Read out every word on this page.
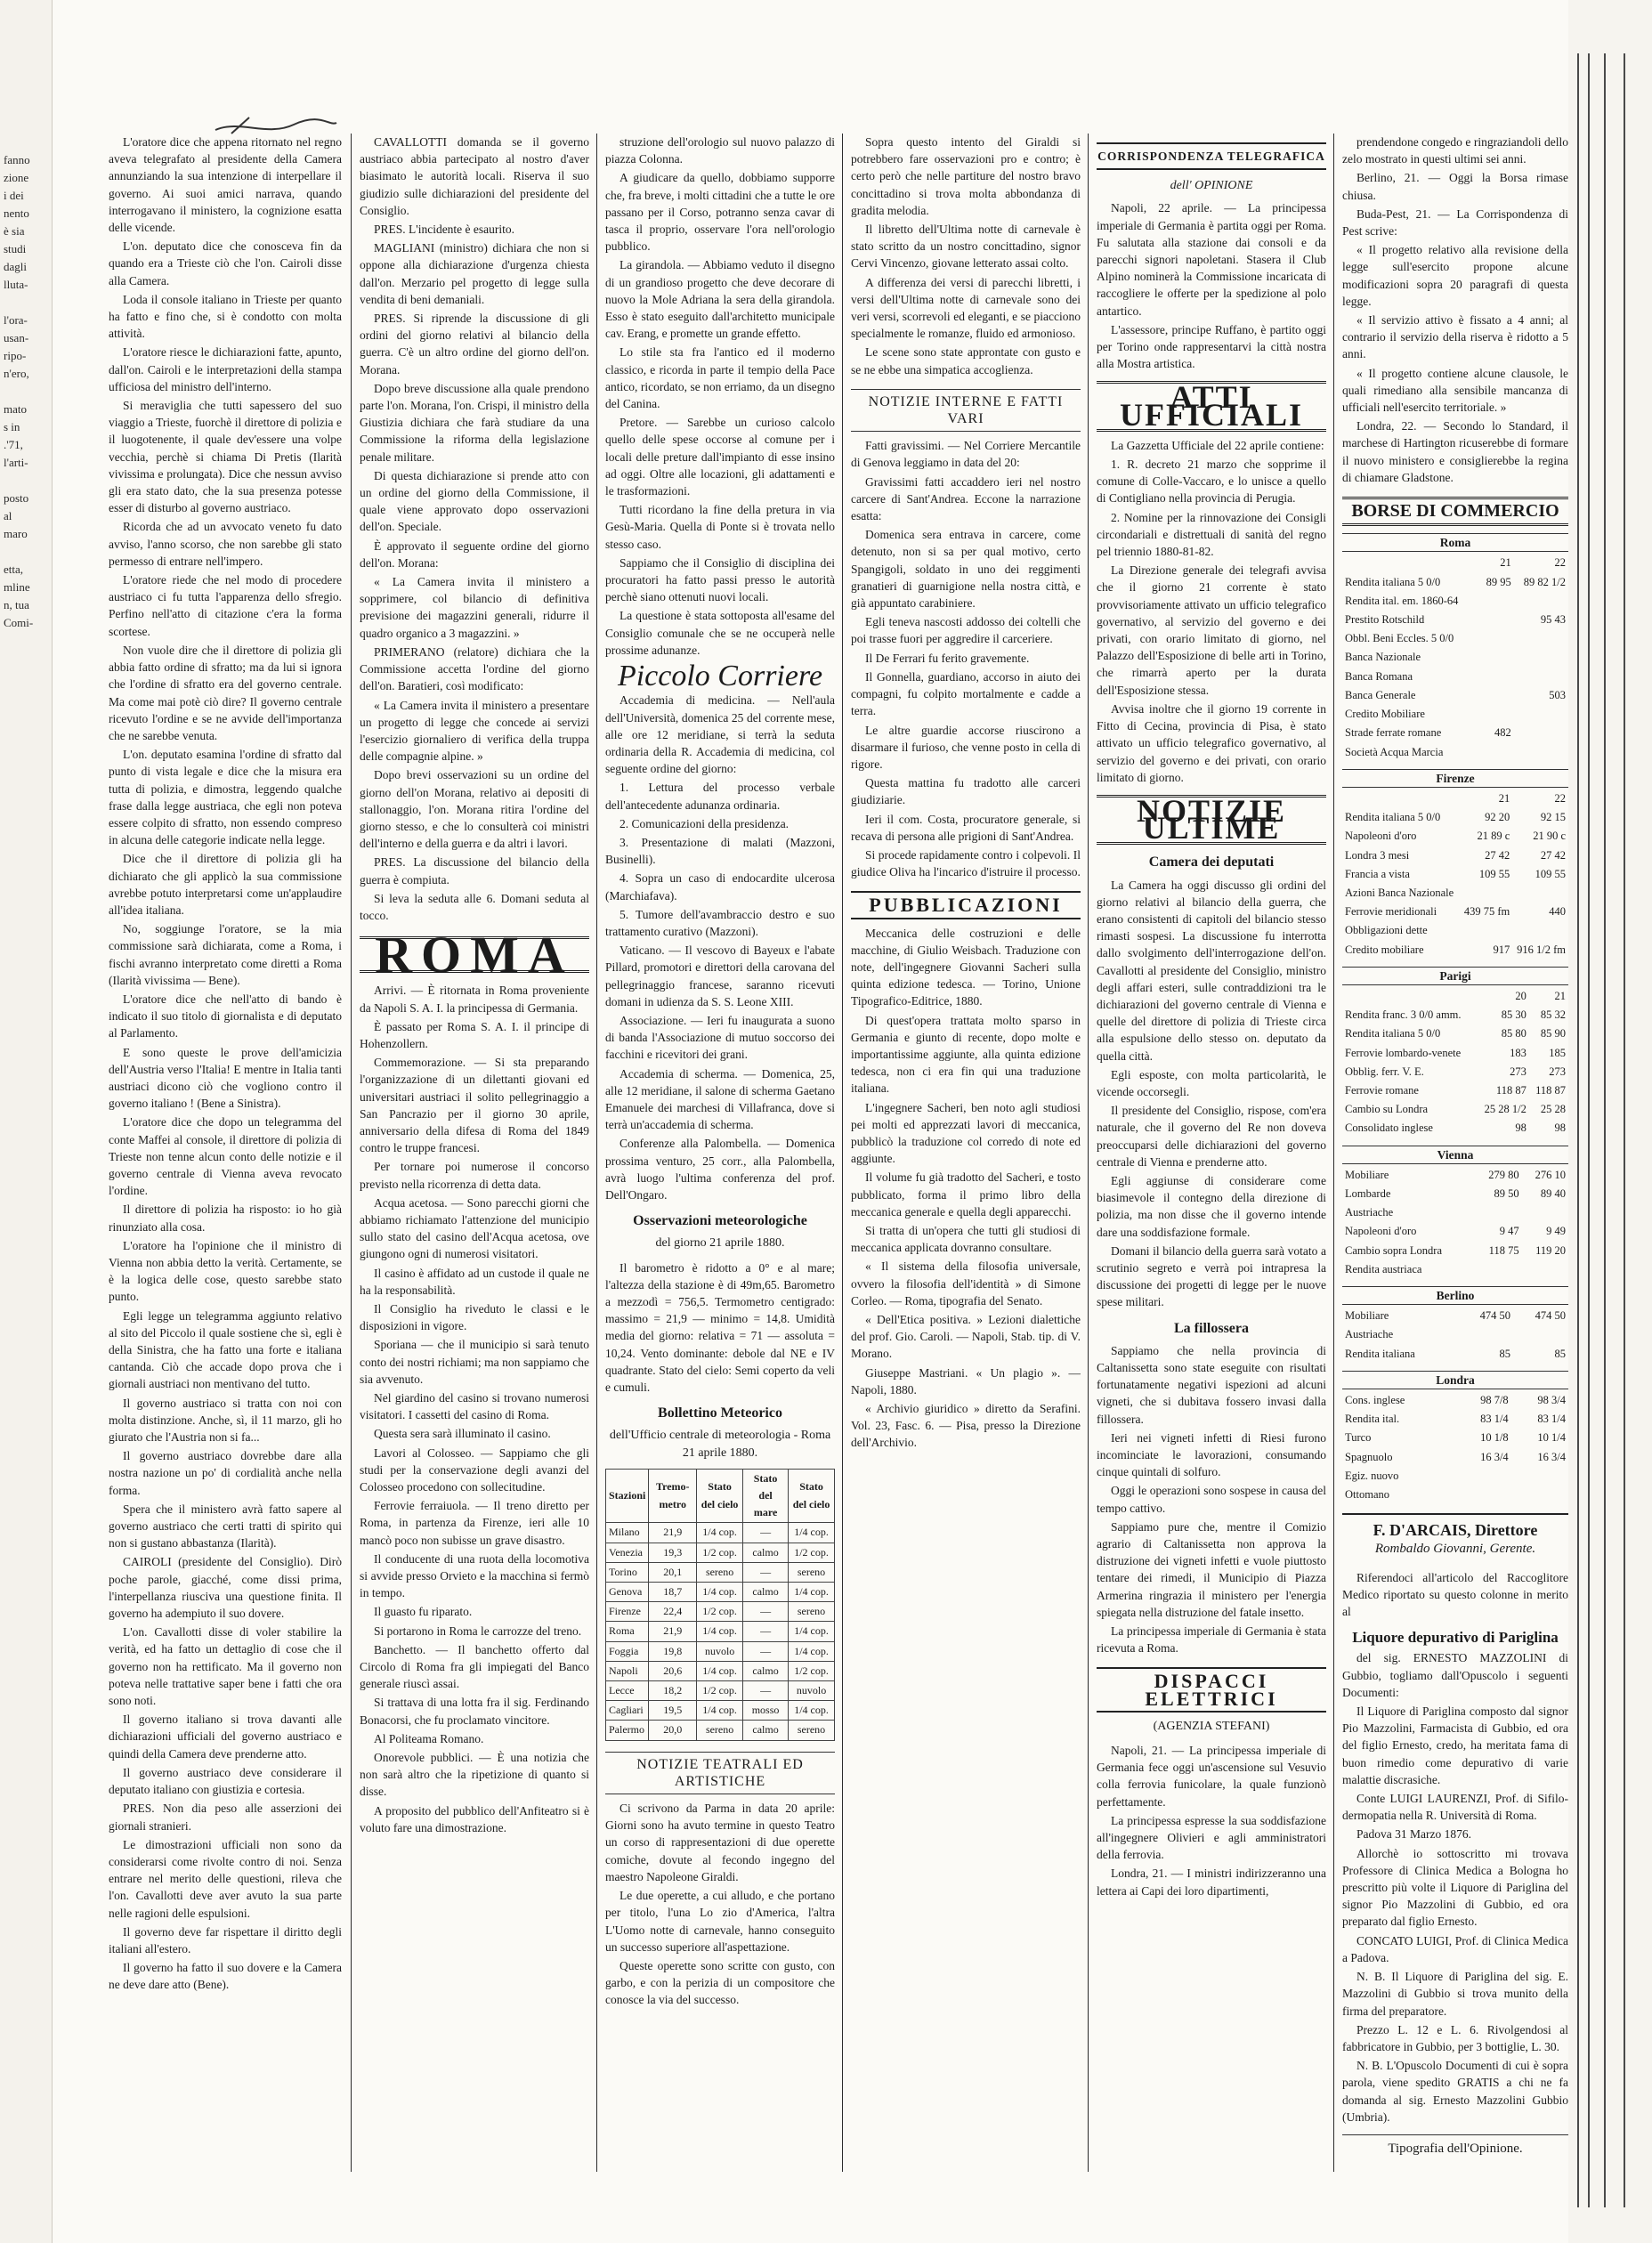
fanno
zione
i dei
nento
è sia
studi
dagli
lluta-

l'ora-
usan-
ripo-
n'ero,

mato
s in
.'71,
l'arti-

posto
al
maro

etta,
mline
n, tua
Comi-

L'oratore dice che appena ritornato nel regno aveva telegrafato al presidente della Camera annunziando la sua intenzione di interpellare il governo. Ai suoi amici narrava, quando interrogavano il ministero, la cognizione esatta delle vicende.

L'on. deputato dice che conosceva fin da quando era a Trieste ciò che l'on. Cairoli disse alla Camera.

Loda il console italiano in Trieste per quanto ha fatto e fino che, si è condotto con molta attività.

L'oratore riesce le dichiarazioni fatte, apunto, dall'on. Cairoli e le interpretazioni della stampa ufficiosa del ministro dell'interno.

Si meraviglia che tutti sapessero del suo viaggio a Trieste, fuorchè il direttore di polizia e il luogotenente, il quale dev'essere una volpe vecchia, perchè si chiama Di Pretis (Ilarità vivissima e prolungata). Dice che nessun avviso gli era stato dato, che la sua presenza potesse esser di disturbo al governo austriaco.

Ricorda che ad un avvocato veneto fu dato avviso, l'anno scorso, che non sarebbe gli stato permesso di entrare nell'impero.

L'oratore riede che nel modo di procedere austriaco ci fu tutta l'apparenza dello sfregio. Perfino nell'atto di citazione c'era la forma scortese.

Non vuole dire che il direttore di polizia gli abbia fatto ordine di sfratto; ma da lui si ignora che l'ordine di sfratto era del governo centrale. Ma come mai potè ciò dire? Il governo centrale ricevuto l'ordine e se ne avvide dell'importanza che ne sarebbe venuta.

L'on. deputato esamina l'ordine di sfratto dal punto di vista legale e dice che la misura era tutta di polizia, e dimostra, leggendo qualche frase dalla legge austriaca, che egli non poteva essere colpito di sfratto, non essendo compreso in alcuna delle categorie indicate nella legge.

Dice che il direttore di polizia gli ha dichiarato che gli applicò la sua commissione avrebbe potuto interpretarsi come un'applaudire all'idea italiana.

No, soggiunge l'oratore, se la mia commissione sarà dichiarata, come a Roma, i fischi avranno interpretato come diretti a Roma (Ilarità vivissima — Bene).

L'oratore dice che nell'atto di bando è indicato il suo titolo di giornalista e di deputato al Parlamento.

E sono queste le prove dell'amicizia dell'Austria verso l'Italia! E mentre in Italia tanti austriaci dicono ciò che vogliono contro il governo italiano ! (Bene a Sinistra).

L'oratore dice che dopo un telegramma del conte Maffei al console, il direttore di polizia di Trieste non tenne alcun conto delle notizie e il governo centrale di Vienna aveva revocato l'ordine.

Il direttore di polizia ha risposto: io ho già rinunziato alla cosa.

L'oratore ha l'opinione che il ministro di Vienna non abbia detto la verità. Certamente, se è la logica delle cose, questo sarebbe stato punto.

Egli legge un telegramma aggiunto relativo al sito del Piccolo il quale sostiene che sì, egli è della Sinistra, che ha fatto una forte e italiana cantanda. Ciò che accade dopo prova che i giornali austriaci non mentivano del tutto.

Il governo austriaco si tratta con noi con molta distinzione. Anche, sì, il 11 marzo, gli ho giurato che l'Austria non si fa...

Il governo austriaco dovrebbe dare alla nostra nazione un po' di cordialità anche nella forma.

Spera che il ministero avrà fatto sapere al governo austriaco che certi tratti di spirito qui non si gustano abbastanza (Ilarità).

CAIROLI (presidente del Consiglio). Dirò poche parole, giacché, come dissi prima, l'interpellanza riusciva una questione finita. Il governo ha adempiuto il suo dovere.

L'on. Cavallotti disse di voler stabilire la verità, ed ha fatto un dettaglio di cose che il governo non ha rettificato. Ma il governo non poteva nelle trattative saper bene i fatti che ora sono noti.

Il governo italiano si trova davanti alle dichiarazioni ufficiali del governo austriaco e quindi della Camera deve prenderne atto.

Il governo austriaco deve considerare il deputato italiano con giustizia e cortesia.

PRES. Non dia peso alle asserzioni dei giornali stranieri.

Le dimostrazioni ufficiali non sono da considerarsi come rivolte contro di noi. Senza entrare nel merito delle questioni, rileva che l'on. Cavallotti deve aver avuto la sua parte nelle ragioni delle espulsioni.

Il governo deve far rispettare il diritto degli italiani all'estero.

Il governo ha fatto il suo dovere e la Camera ne deve dare atto (Bene).

CAVALLOTTI domanda se il governo austriaco abbia partecipato al nostro d'aver biasimato le autorità locali. Riserva il suo giudizio sulle dichiarazioni del presidente del Consiglio.

PRES. L'incidente è esaurito.

MAGLIANI (ministro) dichiara che non si oppone alla dichiarazione d'urgenza chiesta dall'on. Merzario pel progetto di legge sulla vendita di beni demaniali.

PRES. Si riprende la discussione di gli ordini del giorno relativi al bilancio della guerra. C'è un altro ordine del giorno dell'on. Morana.

Dopo breve discussione alla quale prendono parte l'on. Morana, l'on. Crispi, il ministro della Giustizia dichiara che farà studiare da una Commissione la riforma della legislazione penale militare.

Di questa dichiarazione si prende atto con un ordine del giorno della Commissione, il quale viene approvato dopo osservazioni dell'on. Speciale.

È approvato il seguente ordine del giorno dell'on. Morana:

« La Camera invita il ministero a sopprimere, col bilancio di definitiva previsione dei magazzini generali, ridurre il quadro organico a 3 magazzini. »

PRIMERANO (relatore) dichiara che la Commissione accetta l'ordine del giorno dell'on. Baratieri, così modificato:

« La Camera invita il ministero a presentare un progetto di legge che concede ai servizi l'esercizio giornaliero di verifica della truppa delle compagnie alpine. »

Dopo brevi osservazioni su un ordine del giorno dell'on Morana, relativo ai depositi di stallonaggio, l'on. Morana ritira l'ordine del giorno stesso, e che lo consulterà coi ministri dell'interno e della guerra e da altri i lavori.

PRES. La discussione del bilancio della guerra è compiuta.

Si leva la seduta alle 6. Domani seduta al tocco.

ROMA

Arrivi. — È ritornata in Roma proveniente da Napoli S. A. I. la principessa di Germania.

È passato per Roma S. A. I. il principe di Hohenzollern.

Commemorazione. — Si sta preparando l'organizzazione di un dilettanti giovani ed universitari austriaci il solito pellegrinaggio a San Pancrazio per il giorno 30 aprile, anniversario della difesa di Roma del 1849 contro le truppe francesi.

Per tornare poi numerose il concorso previsto nella ricorrenza di detta data.

Acqua acetosa. — Sono parecchi giorni che abbiamo richiamato l'attenzione del municipio sullo stato del casino dell'Acqua acetosa, ove giungono ogni di numerosi visitatori.

Il casino è affidato ad un custode il quale ne ha la responsabilità.

Il Consiglio ha riveduto le classi e le disposizioni in vigore.

Sporiana — che il municipio si sarà tenuto conto dei nostri richiami; ma non sappiamo che sia avvenuto.

Nel giardino del casino si trovano numerosi visitatori. I cassetti del casino di Roma.

Questa sera sarà illuminato il casino.

Lavori al Colosseo. — Sappiamo che gli studi per la conservazione degli avanzi del Colosseo procedono con sollecitudine.

Ferrovie ferraiuola. — Il treno diretto per Roma, in partenza da Firenze, ieri alle 10 mancò poco non subisse un grave disastro.

Il conducente di una ruota della locomotiva si avvide presso Orvieto e la macchina si fermò in tempo.

Il guasto fu riparato.

Si portarono in Roma le carrozze del treno.

Banchetto. — Il banchetto offerto dal Circolo di Roma fra gli impiegati del Banco generale riuscì assai.

Si trattava di una lotta fra il sig. Ferdinando Bonacorsi, che fu proclamato vincitore.

Al Politeama Romano.

Onorevole pubblici. — È una notizia che non sarà altro che la ripetizione di quanto si disse.

A proposito del pubblico dell'Anfiteatro si è voluto fare una dimostrazione.

struzione dell'orologio sul nuovo palazzo di piazza Colonna.

A giudicare da quello, dobbiamo supporre che, fra breve, i molti cittadini che a tutte le ore passano per il Corso, potranno senza cavar di tasca il proprio, osservare l'ora nell'orologio pubblico.

La girandola. — Abbiamo veduto il disegno di un grandioso progetto che deve decorare di nuovo la Mole Adriana la sera della girandola. Esso è stato eseguito dall'architetto municipale cav. Erang, e promette un grande effetto.

Lo stile sta fra l'antico ed il moderno classico, e ricorda in parte il tempio della Pace antico, ricordato, se non erriamo, da un disegno del Canina.

Pretore. — Sarebbe un curioso calcolo quello delle spese occorse al comune per i locali delle preture dall'impianto di esse insino ad oggi. Oltre alle locazioni, gli adattamenti e le trasformazioni.

Tutti ricordano la fine della pretura in via Gesù-Maria. Quella di Ponte si è trovata nello stesso caso.

Sappiamo che il Consiglio di disciplina dei procuratori ha fatto passi presso le autorità perchè siano ottenuti nuovi locali.

La questione è stata sottoposta all'esame del Consiglio comunale che se ne occuperà nelle prossime adunanze.

Piccolo Corriere

Accademia di medicina. — Nell'aula dell'Università, domenica 25 del corrente mese, alle ore 12 meridiane, si terrà la seduta ordinaria della R. Accademia di medicina, col seguente ordine del giorno:

1. Lettura del processo verbale dell'antecedente adunanza ordinaria.

2. Comunicazioni della presidenza.

3. Presentazione di malati (Mazzoni, Businelli).

4. Sopra un caso di endocardite ulcerosa (Marchiafava).

5. Tumore dell'avambraccio destro e suo trattamento curativo (Mazzoni).

Vaticano. — Il vescovo di Bayeux e l'abate Pillard, promotori e direttori della carovana del pellegrinaggio francese, saranno ricevuti domani in udienza da S. S. Leone XIII.

Associazione. — Ieri fu inaugurata a suono di banda l'Associazione di mutuo soccorso dei facchini e ricevitori dei grani.

Accademia di scherma. — Domenica, 25, alle 12 meridiane, il salone di scherma Gaetano Emanuele dei marchesi di Villafranca, dove si terrà un'accademia di scherma.

Conferenze alla Palombella. — Domenica prossima venturo, 25 corr., alla Palombella, avrà luogo l'ultima conferenza del prof. Dell'Ongaro.

Osservazioni meteorologiche
del giorno 21 aprile 1880.

Il barometro è ridotto a 0° e al mare; l'altezza della stazione è di 49m,65. Barometro a mezzodì = 756,5. Termometro centigrado: massimo = 21,9 — minimo = 14,8. Umidità media del giorno: relativa = 71 — assoluta = 10,24. Vento dominante: debole dal NE e IV quadrante. Stato del cielo: Semi coperto da veli e cumuli.

Bollettino Meteorico
dell'Ufficio centrale di meteorologia - Roma 21 aprile 1880.
Stazioni	Tremo-metro	Stato del cielo	Stato del mare	Stato del cielo
Milano	21,9	1/4 cop.	—	1/4 cop.
Venezia	19,3	1/2 cop.	calmo	1/2 cop.
Torino	20,1	sereno	—	sereno
Genova	18,7	1/4 cop.	calmo	1/4 cop.
Firenze	22,4	1/2 cop.	—	sereno
Roma	21,9	1/4 cop.	—	1/4 cop.
Foggia	19,8	nuvolo	—	1/4 cop.
Napoli	20,6	1/4 cop.	calmo	1/2 cop.
Lecce	18,2	1/2 cop.	—	nuvolo
Cagliari	19,5	1/4 cop.	mosso	1/4 cop.
Palermo	20,0	sereno	calmo	sereno
NOTIZIE TEATRALI ED ARTISTICHE

Ci scrivono da Parma in data 20 aprile: Giorni sono ha avuto termine in questo Teatro un corso di rappresentazioni di due operette comiche, dovute al fecondo ingegno del maestro Napoleone Giraldi.

Le due operette, a cui alludo, e che portano per titolo, l'una Lo zio d'America, l'altra L'Uomo notte di carnevale, hanno conseguito un successo superiore all'aspettazione.

Queste operette sono scritte con gusto, con garbo, e con la perizia di un compositore che conosce la via del successo.

Sopra questo intento del Giraldi si potrebbero fare osservazioni pro e contro; è certo però che nelle partiture del nostro bravo concittadino si trova molta abbondanza di gradita melodia.

Il libretto dell'Ultima notte di carnevale è stato scritto da un nostro concittadino, signor Cervi Vincenzo, giovane letterato assai colto.

A differenza dei versi di parecchi libretti, i versi dell'Ultima notte di carnevale sono dei veri versi, scorrevoli ed eleganti, e se piacciono specialmente le romanze, fluido ed armonioso.

Le scene sono state approntate con gusto e se ne ebbe una simpatica accoglienza.

NOTIZIE INTERNE E FATTI VARI

Fatti gravissimi. — Nel Corriere Mercantile di Genova leggiamo in data del 20:

Gravissimi fatti accaddero ieri nel nostro carcere di Sant'Andrea. Eccone la narrazione esatta:

Domenica sera entrava in carcere, come detenuto, non si sa per qual motivo, certo Spangigoli, soldato in uno dei reggimenti granatieri di guarnigione nella nostra città, e già appuntato carabiniere.

Egli teneva nascosti addosso dei coltelli che poi trasse fuori per aggredire il carceriere.

Il De Ferrari fu ferito gravemente.

Il Gonnella, guardiano, accorso in aiuto dei compagni, fu colpito mortalmente e cadde a terra.

Le altre guardie accorse riuscirono a disarmare il furioso, che venne posto in cella di rigore.

Questa mattina fu tradotto alle carceri giudiziarie.

Ieri il com. Costa, procuratore generale, si recava di persona alle prigioni di Sant'Andrea.

Si procede rapidamente contro i colpevoli. Il giudice Oliva ha l'incarico d'istruire il processo.

PUBBLICAZIONI

Meccanica delle costruzioni e delle macchine, di Giulio Weisbach. Traduzione con note, dell'ingegnere Giovanni Sacheri sulla quinta edizione tedesca. — Torino, Unione Tipografico-Editrice, 1880.

Di quest'opera trattata molto sparso in Germania e giunto di recente, dopo molte e importantissime aggiunte, alla quinta edizione tedesca, non ci era fin qui una traduzione italiana.

L'ingegnere Sacheri, ben noto agli studiosi pei molti ed apprezzati lavori di meccanica, pubblicò la traduzione col corredo di note ed aggiunte.

Il volume fu già tradotto del Sacheri, e tosto pubblicato, forma il primo libro della meccanica generale e quella degli apparecchi.

Si tratta di un'opera che tutti gli studiosi di meccanica applicata dovranno consultare.

« Il sistema della filosofia universale, ovvero la filosofia dell'identità » di Simone Corleo. — Roma, tipografia del Senato.

« Dell'Etica positiva. » Lezioni dialettiche del prof. Gio. Caroli. — Napoli, Stab. tip. di V. Morano.

Giuseppe Mastriani. « Un plagio ». — Napoli, 1880.

« Archivio giuridico » diretto da Serafini. Vol. 23, Fasc. 6. — Pisa, presso la Direzione dell'Archivio.

CORRISPONDENZA TELEGRAFICA
dell' OPINIONE

Napoli, 22 aprile. — La principessa imperiale di Germania è partita oggi per Roma. Fu salutata alla stazione dai consoli e da parecchi signori napoletani. Stasera il Club Alpino nominerà la Commissione incaricata di raccogliere le offerte per la spedizione al polo antartico.

L'assessore, principe Ruffano, è partito oggi per Torino onde rappresentarvi la città nostra alla Mostra artistica.

ATTI UFFICIALI

La Gazzetta Ufficiale del 22 aprile contiene:

1. R. decreto 21 marzo che sopprime il comune di Colle-Vaccaro, e lo unisce a quello di Contigliano nella provincia di Perugia.

2. Nomine per la rinnovazione dei Consigli circondariali e distrettuali di sanità del regno pel triennio 1880-81-82.

La Direzione generale dei telegrafi avvisa che il giorno 21 corrente è stato provvisoriamente attivato un ufficio telegrafico governativo, al servizio del governo e dei privati, con orario limitato di giorno, nel Palazzo dell'Esposizione di belle arti in Torino, che rimarrà aperto per la durata dell'Esposizione stessa.

Avvisa inoltre che il giorno 19 corrente in Fitto di Cecina, provincia di Pisa, è stato attivato un ufficio telegrafico governativo, al servizio del governo e dei privati, con orario limitato di giorno.

NOTIZIE ULTIME
Camera dei deputati

La Camera ha oggi discusso gli ordini del giorno relativi al bilancio della guerra, che erano consistenti di capitoli del bilancio stesso rimasti sospesi. La discussione fu interrotta dallo svolgimento dell'interrogazione dell'on. Cavallotti al presidente del Consiglio, ministro degli affari esteri, sulle contraddizioni tra le dichiarazioni del governo centrale di Vienna e quelle del direttore di polizia di Trieste circa alla espulsione dello stesso on. deputato da quella città.

Egli esposte, con molta particolarità, le vicende occorsegli.

Il presidente del Consiglio, rispose, com'era naturale, che il governo del Re non doveva preoccuparsi delle dichiarazioni del governo centrale di Vienna e prenderne atto.

Egli aggiunse di considerare come biasimevole il contegno della direzione di polizia, ma non disse che il governo intende dare una soddisfazione formale.

Domani il bilancio della guerra sarà votato a scrutinio segreto e verrà poi intrapresa la discussione dei progetti di legge per le nuove spese militari.

La fillossera

Sappiamo che nella provincia di Caltanissetta sono state eseguite con risultati fortunatamente negativi ispezioni ad alcuni vigneti, che si dubitava fossero invasi dalla fillossera.

Ieri nei vigneti infetti di Riesi furono incominciate le lavorazioni, consumando cinque quintali di solfuro.

Oggi le operazioni sono sospese in causa del tempo cattivo.

Sappiamo pure che, mentre il Comizio agrario di Caltanissetta non approva la distruzione dei vigneti infetti e vuole piuttosto tentare dei rimedi, il Municipio di Piazza Armerina ringrazia il ministero per l'energia spiegata nella distruzione del fatale insetto.

La principessa imperiale di Germania è stata ricevuta a Roma.

DISPACCI ELETTRICI
(AGENZIA STEFANI)

Napoli, 21. — La principessa imperiale di Germania fece oggi un'ascensione sul Vesuvio colla ferrovia funicolare, la quale funzionò perfettamente.

La principessa espresse la sua soddisfazione all'ingegnere Olivieri e agli amministratori della ferrovia.

Londra, 21. — I ministri indirizzeranno una lettera ai Capi dei loro dipartimenti,

prendendone congedo e ringraziandoli dello zelo mostrato in questi ultimi sei anni.

Berlino, 21. — Oggi la Borsa rimase chiusa.

Buda-Pest, 21. — La Corrispondenza di Pest scrive:

« Il progetto relativo alla revisione della legge sull'esercito propone alcune modificazioni sopra 20 paragrafi di questa legge.

« Il servizio attivo è fissato a 4 anni; al contrario il servizio della riserva è ridotto a 5 anni.

« Il progetto contiene alcune clausole, le quali rimediano alla sensibile mancanza di ufficiali nell'esercito territoriale. »

Londra, 22. — Secondo lo Standard, il marchese di Hartington ricuserebbe di formare il nuovo ministero e consiglierebbe la regina di chiamare Gladstone.

BORSE DI COMMERCIO
Roma
	21	22
Rendita italiana 5 0/0	89 95	89 82 1/2
Rendita ital. em. 1860-64		
Prestito Rotschild		95 43
Obbl. Beni Eccles. 5 0/0		
Banca Nazionale		
Banca Romana		
Banca Generale		503
Credito Mobiliare		
Strade ferrate romane	482	
Società Acqua Marcia		
Firenze
	21	22
Rendita italiana 5 0/0	92 20	92 15
Napoleoni d'oro	21 89 c	21 90 c
Londra 3 mesi	27 42	27 42
Francia a vista	109 55	109 55
Azioni Banca Nazionale		
Ferrovie meridionali	439 75 fm	440
Obbligazioni dette		
Credito mobiliare	917	916 1/2 fm
Parigi
	20	21
Rendita franc. 3 0/0 amm.	85 30	85 32
Rendita italiana 5 0/0	85 80	85 90
Ferrovie lombardo-venete	183	185
Obblig. ferr. V. E.	273	273
Ferrovie romane	118 87	118 87
Cambio su Londra	25 28 1/2	25 28
Consolidato inglese	98	98
Vienna
Mobiliare	279 80	276 10
Lombarde	89 50	89 40
Austriache		
Napoleoni d'oro	9 47	9 49
Cambio sopra Londra	118 75	119 20
Rendita austriaca		
Berlino
Mobiliare	474 50	474 50
Austriache		
Rendita italiana	85	85
Londra
Cons. inglese	98 7/8	98 3/4
Rendita ital.	83 1/4	83 1/4
Turco	10 1/8	10 1/4
Spagnuolo	16 3/4	16 3/4
Egiz. nuovo		
Ottomano		
F. D'ARCAIS, Direttore
Rombaldo Giovanni, Gerente.

Riferendoci all'articolo del Raccoglitore Medico riportato su questo colonne in merito al

Liquore depurativo di Pariglina

del sig. ERNESTO MAZZOLINI di Gubbio, togliamo dall'Opuscolo i seguenti Documenti:

Il Liquore di Pariglina composto dal signor Pio Mazzolini, Farmacista di Gubbio, ed ora del figlio Ernesto, credo, ha meritata fama di buon rimedio come depurativo di varie malattie discrasiche.

Conte LUIGI LAURENZI, Prof. di Sifilo-dermopatia nella R. Università di Roma.

Padova 31 Marzo 1876.

Allorchè io sottoscritto mi trovava Professore di Clinica Medica a Bologna ho prescritto più volte il Liquore di Pariglina del signor Pio Mazzolini di Gubbio, ed ora preparato dal figlio Ernesto.

CONCATO LUIGI, Prof. di Clinica Medica a Padova.

N. B. Il Liquore di Pariglina del sig. E. Mazzolini di Gubbio si trova munito della firma del preparatore.

Prezzo L. 12 e L. 6. Rivolgendosi al fabbricatore in Gubbio, per 3 bottiglie, L. 30.

N. B. L'Opuscolo Documenti di cui è sopra parola, viene spedito GRATIS a chi ne fa domanda al sig. Ernesto Mazzolini Gubbio (Umbria).

Tipografia dell'Opinione.
